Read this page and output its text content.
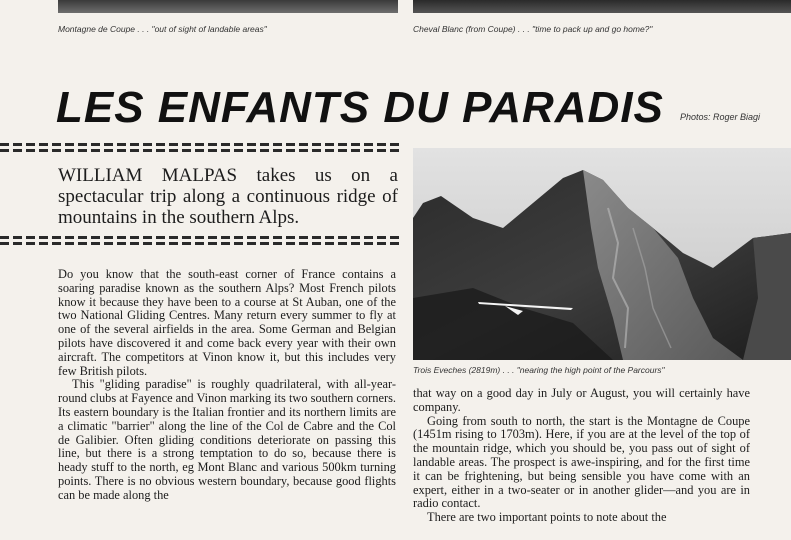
Montagne de Coupe . . . "out of sight of landable areas"	Cheval Blanc (from Coupe) . . . "time to pack up and go home?"
LES ENFANTS DU PARADIS Photos: Roger Biagi

WILLIAM MALPAS takes us on a spectacular trip along a continuous ridge of mountains in the southern Alps.

Do you know that the south-east corner of France contains a soaring paradise known as the southern Alps? Most French pilots know it because they have been to a course at St Auban, one of the two National Gliding Centres. Many return every summer to fly at one of the several airfields in the area. Some German and Belgian pilots have discovered it and come back every year with their own aircraft. The competitors at Vinon know it, but this includes very few British pilots.

This "gliding paradise" is roughly quadrilateral, with all-year-round clubs at Fayence and Vinon marking its two southern corners. Its eastern boundary is the Italian frontier and its northern limits are a climatic "barrier" along the line of the Col de Cabre and the Col de Galibier. Often gliding conditions deteriorate on passing this line, but there is a strong temptation to do so, because there is heady stuff to the north, eg Mont Blanc and various 500km turning points. There is no obvious western boundary, because good flights can be made along the

Trois Eveches (2819m) . . . "nearing the high point of the Parcours"

that way on a good day in July or August, you will certainly have company.

Going from south to north, the start is the Montagne de Coupe (1451m rising to 1703m). Here, if you are at the level of the top of the mountain ridge, which you should be, you pass out of sight of landable areas. The prospect is awe-inspiring, and for the first time it can be frightening, but being sensible you have come with an expert, either in a two-seater or in another glider—and you are in radio contact.

There are two important points to note about the
